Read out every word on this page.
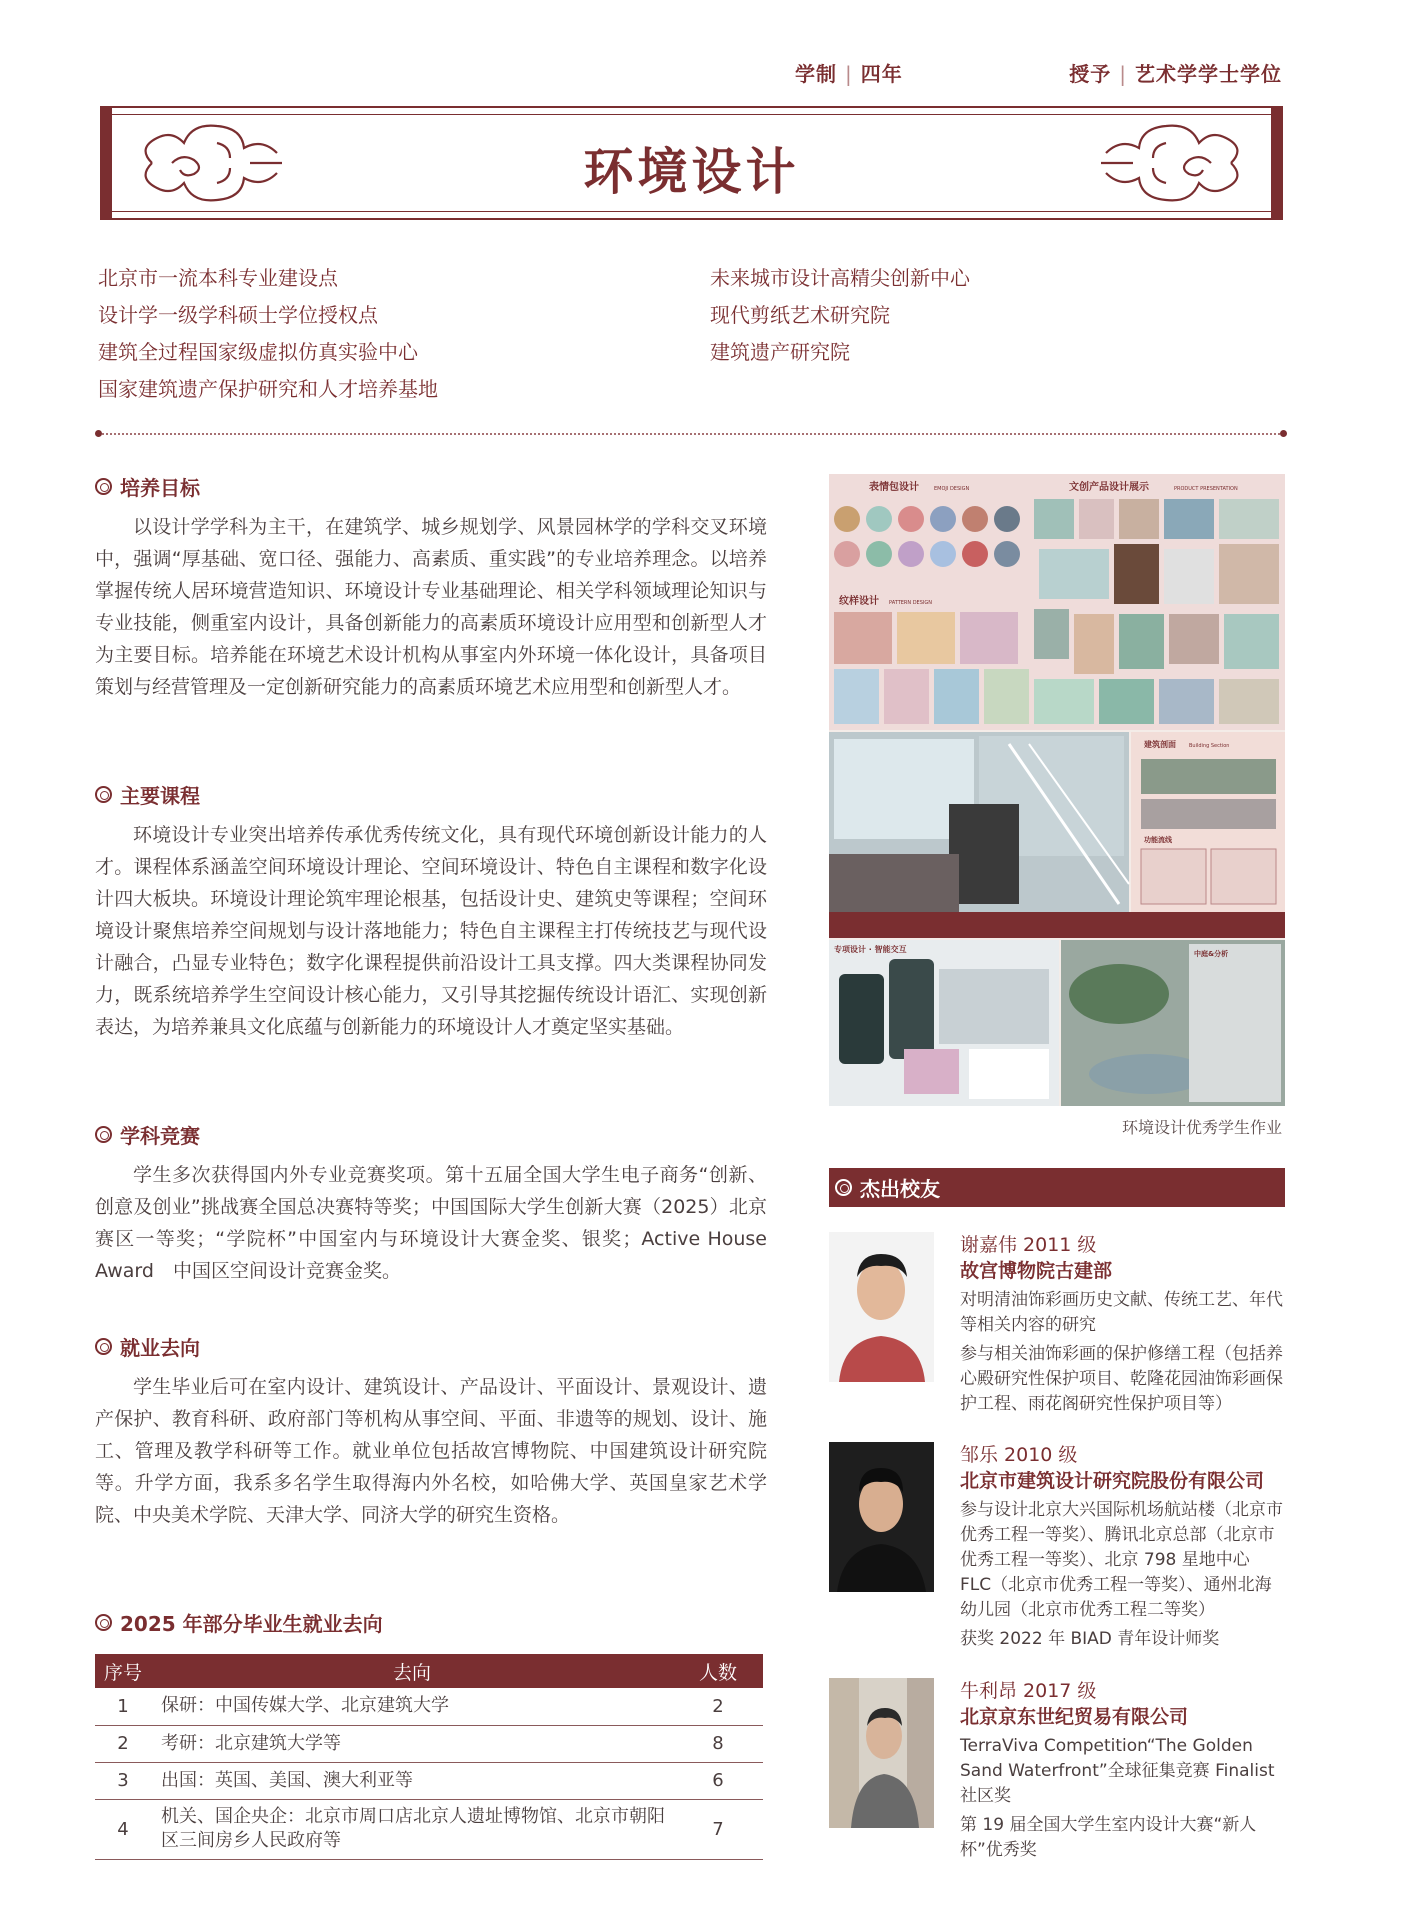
学制 | 四年	授予 | 艺术学学士学位
环境设计
北京市一流本科专业建设点
设计学一级学科硕士学位授权点
建筑全过程国家级虚拟仿真实验中心
国家建筑遗产保护研究和人才培养基地
未来城市设计高精尖创新中心
现代剪纸艺术研究院
建筑遗产研究院
培养目标

以设计学学科为主干，在建筑学、城乡规划学、风景园林学的学科交叉环境中，强调“厚基础、宽口径、强能力、高素质、重实践”的专业培养理念。以培养掌握传统人居环境营造知识、环境设计专业基础理论、相关学科领域理论知识与专业技能，侧重室内设计，具备创新能力的高素质环境设计应用型和创新型人才为主要目标。培养能在环境艺术设计机构从事室内外环境一体化设计，具备项目策划与经营管理及一定创新研究能力的高素质环境艺术应用型和创新型人才。

主要课程

环境设计专业突出培养传承优秀传统文化，具有现代环境创新设计能力的人才。课程体系涵盖空间环境设计理论、空间环境设计、特色自主课程和数字化设计四大板块。环境设计理论筑牢理论根基，包括设计史、建筑史等课程；空间环境设计聚焦培养空间规划与设计落地能力；特色自主课程主打传统技艺与现代设计融合，凸显专业特色；数字化课程提供前沿设计工具支撑。四大类课程协同发力，既系统培养学生空间设计核心能力，又引导其挖掘传统设计语汇、实现创新表达，为培养兼具文化底蕴与创新能力的环境设计人才奠定坚实基础。

学科竞赛

学生多次获得国内外专业竞赛奖项。第十五届全国大学生电子商务“创新、创意及创业”挑战赛全国总决赛特等奖；中国国际大学生创新大赛（2025）北京赛区一等奖；“学院杯”中国室内与环境设计大赛金奖、银奖；Active House Award　中国区空间设计竞赛金奖。

就业去向

学生毕业后可在室内设计、建筑设计、产品设计、平面设计、景观设计、遗产保护、教育科研、政府部门等机构从事空间、平面、非遗等的规划、设计、施工、管理及教学科研等工作。就业单位包括故宫博物院、中国建筑设计研究院等。升学方面，我系多名学生取得海内外名校，如哈佛大学、英国皇家艺术学院、中央美术学院、天津大学、同济大学的研究生资格。

2025 年部分毕业生就业去向
序号	去向	人数
1	保研：中国传媒大学、北京建筑大学	2
2	考研：北京建筑大学等	8
3	出国：英国、美国、澳大利亚等	6
4	机关、国企央企：北京市周口店北京人遗址博物馆、北京市朝阳区三间房乡人民政府等	7
表情包设计	EMOJI DESIGN	文创产品设计展示	PRODUCT PRESENTATION
纹样设计 PATTERN DESIGN
建筑剖面	Building Section
功能流线
专项设计 · 智能交互	中庭&分析
环境设计优秀学生作业
杰出校友
谢嘉伟 2011 级
故宫博物院古建部
对明清油饰彩画历史文献、传统工艺、年代等相关内容的研究
参与相关油饰彩画的保护修缮工程（包括养心殿研究性保护项目、乾隆花园油饰彩画保护工程、雨花阁研究性保护项目等）
邹乐 2010 级
北京市建筑设计研究院股份有限公司
参与设计北京大兴国际机场航站楼（北京市优秀工程一等奖）、腾讯北京总部（北京市优秀工程一等奖）、北京 798 星地中心 FLC（北京市优秀工程一等奖）、通州北海幼儿园（北京市优秀工程二等奖）
获奖 2022 年 BIAD 青年设计师奖
牛利昂 2017 级
北京京东世纪贸易有限公司
TerraViva Competition“The Golden Sand Waterfront”全球征集竞赛 Finalist 社区奖
第 19 届全国大学生室内设计大赛“新人杯”优秀奖
